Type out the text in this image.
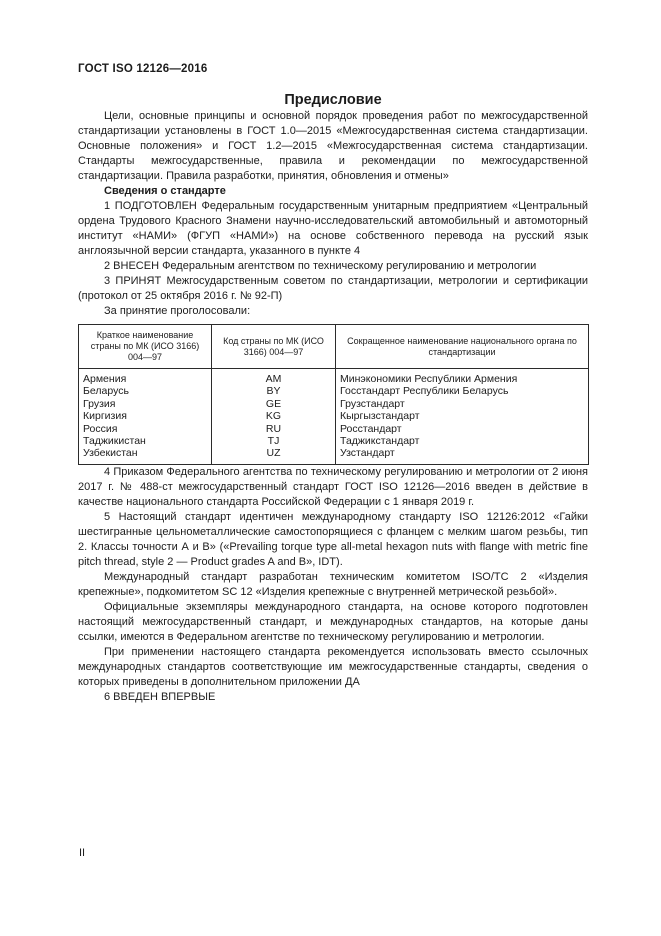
ГОСТ ISO 12126—2016
Предисловие

Цели, основные принципы и основной порядок проведения работ по межгосударственной стандартизации установлены в ГОСТ 1.0—2015 «Межгосударственная система стандартизации. Основные положения» и ГОСТ 1.2—2015 «Межгосударственная система стандартизации. Стандарты межгосударственные, правила и рекомендации по межгосударственной стандартизации. Правила разработки, принятия, обновления и отмены»

Сведения о стандарте

1 ПОДГОТОВЛЕН Федеральным государственным унитарным предприятием «Центральный ордена Трудового Красного Знамени научно-исследовательский автомобильный и автомоторный институт «НАМИ» (ФГУП «НАМИ») на основе собственного перевода на русский язык англоязычной версии стандарта, указанного в пункте 4

2 ВНЕСЕН Федеральным агентством по техническому регулированию и метрологии

3 ПРИНЯТ Межгосударственным советом по стандартизации, метрологии и сертификации (протокол от 25 октября 2016 г. № 92-П)

За принятие проголосовали:

Краткое наименование страны по МК (ИСО 3166) 004—97	Код страны по МК (ИСО 3166) 004—97	Сокращенное наименование национального органа по стандартизации
Армения	AM	Минэкономики Республики Армения
Беларусь	BY	Госстандарт Республики Беларусь
Грузия	GE	Грузстандарт
Киргизия	KG	Кыргызстандарт
Россия	RU	Росстандарт
Таджикистан	TJ	Таджикстандарт
Узбекистан	UZ	Узстандарт

4 Приказом Федерального агентства по техническому регулированию и метрологии от 2 июня 2017 г. № 488-ст межгосударственный стандарт ГОСТ ISO 12126—2016 введен в действие в качестве национального стандарта Российской Федерации с 1 января 2019 г.

5 Настоящий стандарт идентичен международному стандарту ISO 12126:2012 «Гайки шестигранные цельнометаллические самостопорящиеся с фланцем с мелким шагом резьбы, тип 2. Классы точности А и В» («Prevailing torque type all-metal hexagon nuts with flange with metric fine pitch thread, style 2 — Product grades A and B», IDT).

Международный стандарт разработан техническим комитетом ISO/TC 2 «Изделия крепежные», подкомитетом SC 12 «Изделия крепежные с внутренней метрической резьбой».

Официальные экземпляры международного стандарта, на основе которого подготовлен настоящий межгосударственный стандарт, и международных стандартов, на которые даны ссылки, имеются в Федеральном агентстве по техническому регулированию и метрологии.

При применении настоящего стандарта рекомендуется использовать вместо ссылочных международных стандартов соответствующие им межгосударственные стандарты, сведения о которых приведены в дополнительном приложении ДА

6 ВВЕДЕН ВПЕРВЫЕ

II
